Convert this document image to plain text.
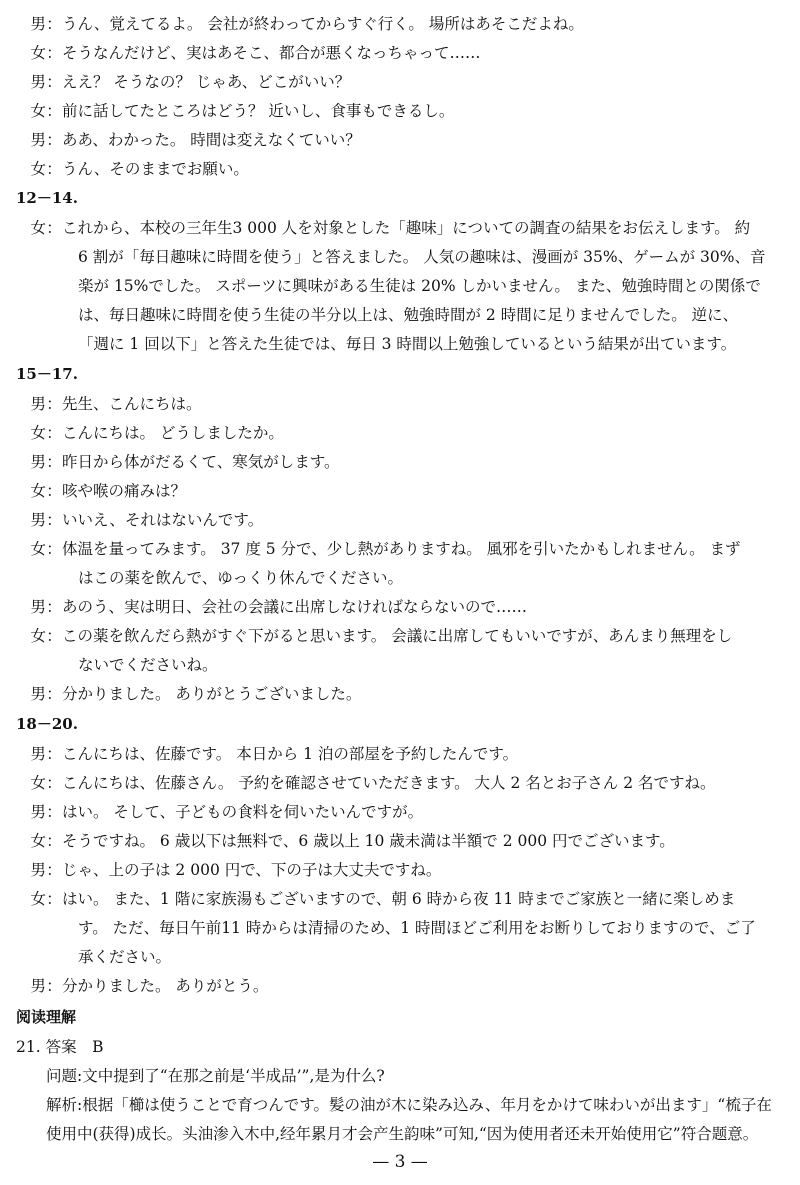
男：うん、覚えてるよ。 会社が終わってからすぐ行く。 場所はあそこだよね。
女：そうなんだけど、実はあそこ、都合が悪くなっちゃって……
男：ええ？ そうなの？ じゃあ、どこがいい？
女：前に話してたところはどう？ 近いし、食事もできるし。
男：ああ、わかった。 時間は変えなくていい？
女：うん、そのままでお願い。
12－14.
女：これから、本校の三年生3 000 人を対象とした「趣味」についての調査の結果をお伝えします。 約
6 割が「毎日趣味に時間を使う」と答えました。 人気の趣味は、漫画が 35%、ゲームが 30%、音
楽が 15%でした。 スポーツに興味がある生徒は 20% しかいません。 また、勉強時間との関係で
は、毎日趣味に時間を使う生徒の半分以上は、勉強時間が 2 時間に足りませんでした。 逆に、
「週に 1 回以下」と答えた生徒では、毎日 3 時間以上勉強しているという結果が出ています。
15－17.
男：先生、こんにちは。
女：こんにちは。 どうしましたか。
男：昨日から体がだるくて、寒気がします。
女：咳や喉の痛みは？
男：いいえ、それはないんです。
女：体温を量ってみます。 37 度 5 分で、少し熱がありますね。 風邪を引いたかもしれません。 まず
はこの薬を飲んで、ゆっくり休んでください。
男：あのう、実は明日、会社の会議に出席しなければならないので……
女：この薬を飲んだら熱がすぐ下がると思います。 会議に出席してもいいですが、あんまり無理をし
ないでくださいね。
男：分かりました。 ありがとうございました。
18－20.
男：こんにちは、佐藤です。 本日から 1 泊の部屋を予約したんです。
女：こんにちは、佐藤さん。 予約を確認させていただきます。 大人 2 名とお子さん 2 名ですね。
男：はい。 そして、子どもの食料を伺いたいんですが。
女：そうですね。 6 歳以下は無料で、6 歳以上 10 歳未満は半額で 2 000 円でございます。
男：じゃ、上の子は 2 000 円で、下の子は大丈夫ですね。
女：はい。 また、1 階に家族湯もございますので、朝 6 時から夜 11 時までご家族と一緒に楽しめま
す。 ただ、毎日午前11 時からは清掃のため、1 時間ほどご利用をお断りしておりますので、ご了
承ください。
男：分かりました。 ありがとう。
阅读理解
21. 答案　B
问题:文中提到了“在那之前是‘半成品’”,是为什么?
解析:根据「櫛は使うことで育つんです。髪の油が木に染み込み、年月をかけて味わいが出ます」“梳子在
使用中(获得)成长。头油渗入木中,经年累月才会产生韵味”可知,“因为使用者还未开始使用它”符合题意。
— 3 —
